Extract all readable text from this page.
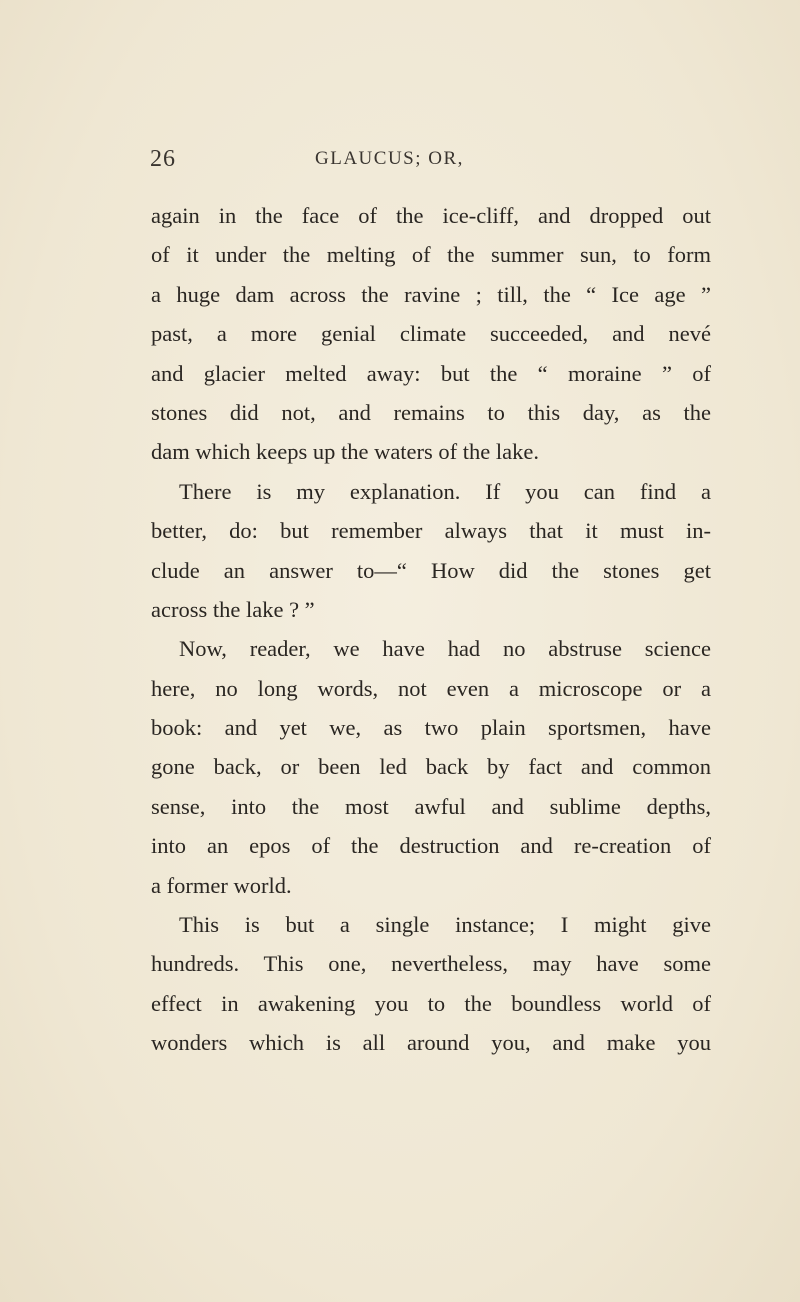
26	GLAUCUS; OR,
again in the face of the ice-cliff, and dropped out
of it under the melting of the summer sun, to form
a huge dam across the ravine ; till, the “ Ice age ”
past, a more genial climate succeeded, and nevé
and glacier melted away: but the “ moraine ” of
stones did not, and remains to this day, as the
dam which keeps up the waters of the lake.
There is my explanation. If you can find a
better, do: but remember always that it must in-
clude an answer to—“ How did the stones get
across the lake ? ”
Now, reader, we have had no abstruse science
here, no long words, not even a microscope or a
book: and yet we, as two plain sportsmen, have
gone back, or been led back by fact and common
sense, into the most awful and sublime depths,
into an epos of the destruction and re-creation of
a former world.
This is but a single instance; I might give
hundreds. This one, nevertheless, may have some
effect in awakening you to the boundless world of
wonders which is all around you, and make you
